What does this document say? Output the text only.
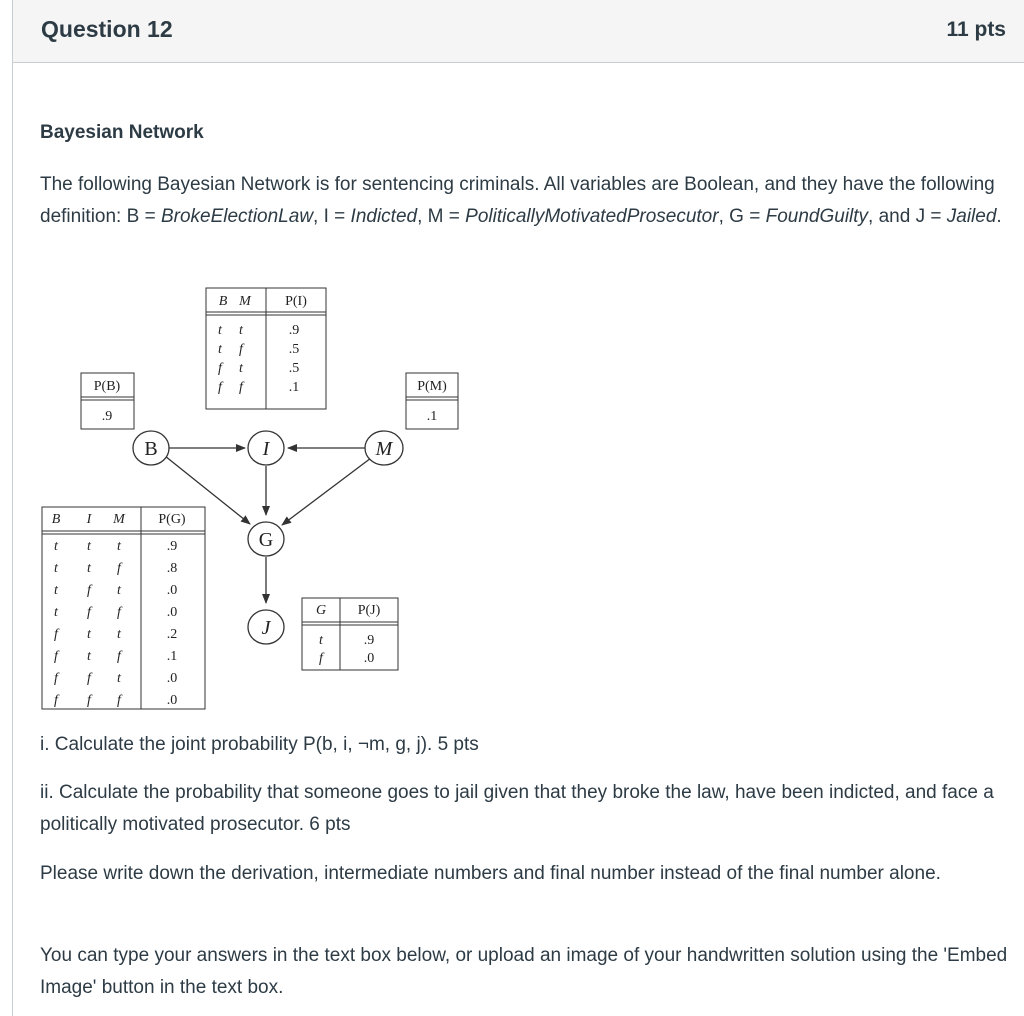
Question 12	11 pts
Bayesian Network

The following Bayesian Network is for sentencing criminals. All variables are Boolean, and they have the following definition: B = BrokeElectionLaw, I = Indicted, M = PoliticallyMotivatedProsecutor, G = FoundGuilty, and J = Jailed.

B M P(I)
t t	.9
t f	.5
f t	.5
f f	.1
P(B)
.9
P(M)
.1
B	I	M
G
J
B I M P(G)
t t t	.9
t t f	.8
t f t	.0
t f f	.0
f t t	.2
f t f	.1
f f t	.0
f f f	.0
G P(J)
t	.9
f	.0

i. Calculate the joint probability P(b, i, ¬m, g, j). 5 pts

ii. Calculate the probability that someone goes to jail given that they broke the law, have been indicted, and face a politically motivated prosecutor. 6 pts

Please write down the derivation, intermediate numbers and final number instead of the final number alone.

You can type your answers in the text box below, or upload an image of your handwritten solution using the 'Embed Image' button in the text box.
